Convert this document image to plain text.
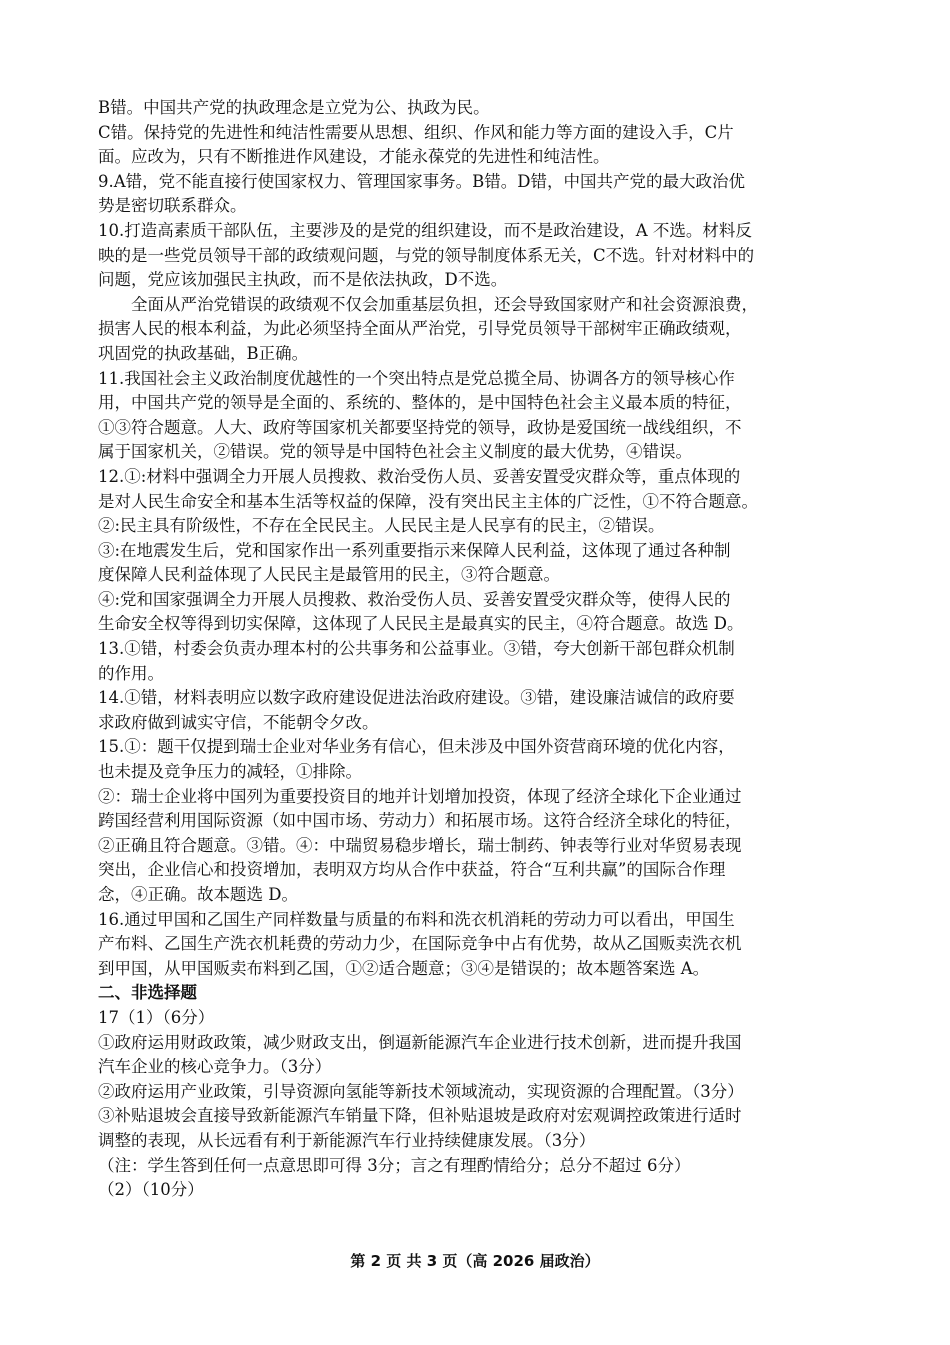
B错。中国共产党的执政理念是立党为公、执政为民。
C错。保持党的先进性和纯洁性需要从思想、组织、作风和能力等方面的建设入手，C片
面。应改为，只有不断推进作风建设，才能永葆党的先进性和纯洁性。
9.A错，党不能直接行使国家权力、管理国家事务。B错。D错，中国共产党的最大政治优
势是密切联系群众。
10.打造高素质干部队伍，主要涉及的是党的组织建设，而不是政治建设，A 不选。材料反
映的是一些党员领导干部的政绩观问题，与党的领导制度体系无关，C不选。针对材料中的
问题，党应该加强民主执政，而不是依法执政，D不选。
　　全面从严治党错误的政绩观不仅会加重基层负担，还会导致国家财产和社会资源浪费，
损害人民的根本利益，为此必须坚持全面从严治党，引导党员领导干部树牢正确政绩观，
巩固党的执政基础，B正确。
11.我国社会主义政治制度优越性的一个突出特点是党总揽全局、协调各方的领导核心作
用，中国共产党的领导是全面的、系统的、整体的，是中国特色社会主义最本质的特征，
①③符合题意。人大、政府等国家机关都要坚持党的领导，政协是爱国统一战线组织，不
属于国家机关，②错误。党的领导是中国特色社会主义制度的最大优势，④错误。
12.①:材料中强调全力开展人员搜救、救治受伤人员、妥善安置受灾群众等，重点体现的
是对人民生命安全和基本生活等权益的保障，没有突出民主主体的广泛性，①不符合题意。
②:民主具有阶级性，不存在全民民主。人民民主是人民享有的民主，②错误。
③:在地震发生后，党和国家作出一系列重要指示来保障人民利益，这体现了通过各种制
度保障人民利益体现了人民民主是最管用的民主，③符合题意。
④:党和国家强调全力开展人员搜救、救治受伤人员、妥善安置受灾群众等，使得人民的
生命安全权等得到切实保障，这体现了人民民主是最真实的民主，④符合题意。故选 D。
13.①错，村委会负责办理本村的公共事务和公益事业。③错，夸大创新干部包群众机制
的作用。
14.①错，材料表明应以数字政府建设促进法治政府建设。③错，建设廉洁诚信的政府要
求政府做到诚实守信，不能朝令夕改。
15.①：题干仅提到瑞士企业对华业务有信心，但未涉及中国外资营商环境的优化内容，
也未提及竞争压力的减轻，①排除。
②：瑞士企业将中国列为重要投资目的地并计划增加投资，体现了经济全球化下企业通过
跨国经营利用国际资源（如中国市场、劳动力）和拓展市场。这符合经济全球化的特征，
②正确且符合题意。③错。④：中瑞贸易稳步增长，瑞士制药、钟表等行业对华贸易表现
突出，企业信心和投资增加，表明双方均从合作中获益，符合“互利共赢”的国际合作理
念，④正确。故本题选 D。
16.通过甲国和乙国生产同样数量与质量的布料和洗衣机消耗的劳动力可以看出，甲国生
产布料、乙国生产洗衣机耗费的劳动力少，在国际竞争中占有优势，故从乙国贩卖洗衣机
到甲国，从甲国贩卖布料到乙国，①②适合题意；③④是错误的；故本题答案选 A。
二、非选择题
17（1）（6分）
①政府运用财政政策，减少财政支出，倒逼新能源汽车企业进行技术创新，进而提升我国
汽车企业的核心竞争力。（3分）
②政府运用产业政策，引导资源向氢能等新技术领域流动，实现资源的合理配置。（3分）
③补贴退坡会直接导致新能源汽车销量下降，但补贴退坡是政府对宏观调控政策进行适时
调整的表现，从长远看有利于新能源汽车行业持续健康发展。（3分）
（注：学生答到任何一点意思即可得 3分；言之有理酌情给分；总分不超过 6分）
（2）（10分）
第 2 页 共 3 页（高 2026 届政治）
